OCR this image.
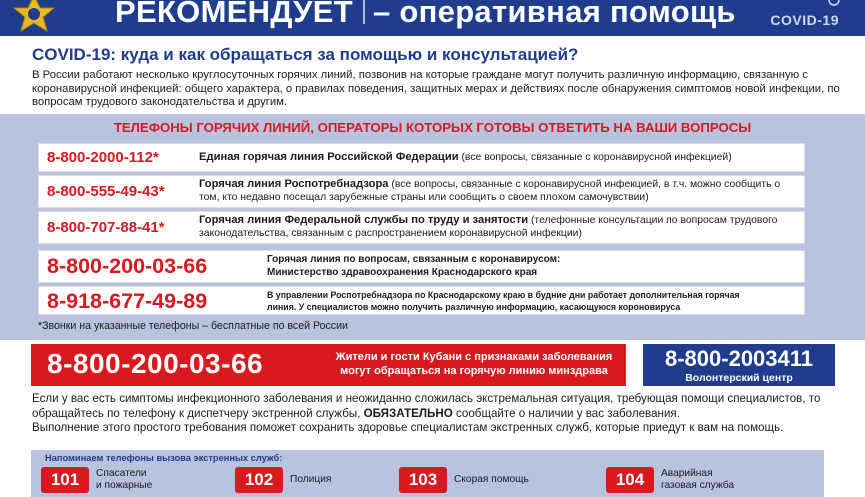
РЕКОМЕНДУЕТ – оперативная помощь COVID-19
COVID-19: куда и как обращаться за помощью и консультацией?
В России работают несколько круглосуточных горячих линий, позвонив на которые граждане могут получить различную информацию, связанную с коронавирусной инфекцией: общего характера, о правилах поведения, защитных мерах и действиях после обнаружения симптомов новой инфекции, по вопросам трудового законодательства и другим.
ТЕЛЕФОНЫ ГОРЯЧИХ ЛИНИЙ, ОПЕРАТОРЫ КОТОРЫХ ГОТОВЫ ОТВЕТИТЬ НА ВАШИ ВОПРОСЫ
8-800-2000-112*	Единая горячая линия Российской Федерации (все вопросы, связанные с коронавирусной инфекцией)
8-800-555-49-43*	Горячая линия Роспотребнадзора (все вопросы, связанные с коронавирусной инфекцией, в т.ч. можно сообщить о том, кто недавно посещал зарубежные страны или сообщить о своем плохом самочувствии)
8-800-707-88-41*	Горячая линия Федеральной службы по труду и занятости (телефонные консультации по вопросам трудового законодательства, связанным с распространением коронавирусной инфекции)
8-800-200-03-66	Горячая линия по вопросам, связанным с коронавирусом:
Министерство здравоохранения Краснодарского края
8-918-677-49-89	В управлении Роспотребнадзора по Краснодарскому краю в будние дни работает дополнительная горячая
линия. У специалистов можно получить различную информацию, касающуюся короновируса
*Звонки на указанные телефоны – бесплатные по всей России
8-800-200-03-66	Жители и гости Кубани с признаками заболевания могут обращаться на горячую линию минздрава	8-800-2003411
Волонтерский центр
Если у вас есть симптомы инфекционного заболевания и неожиданно сложилась экстремальная ситуация, требующая помощи специалистов, то обращайтесь по телефону к диспетчеру экстренной службы, ОБЯЗАТЕЛЬНО сообщайте о наличии у вас заболевания.
Выполнение этого простого требования поможет сохранить здоровье специалистам экстренных служб, которые приедут к вам на помощь.
Напоминаем телефоны вызова экстренных служб:
101	Спасатели
и пожарные	102	Полиция	103	Скорая помощь	104	Аварийная
газовая служба
